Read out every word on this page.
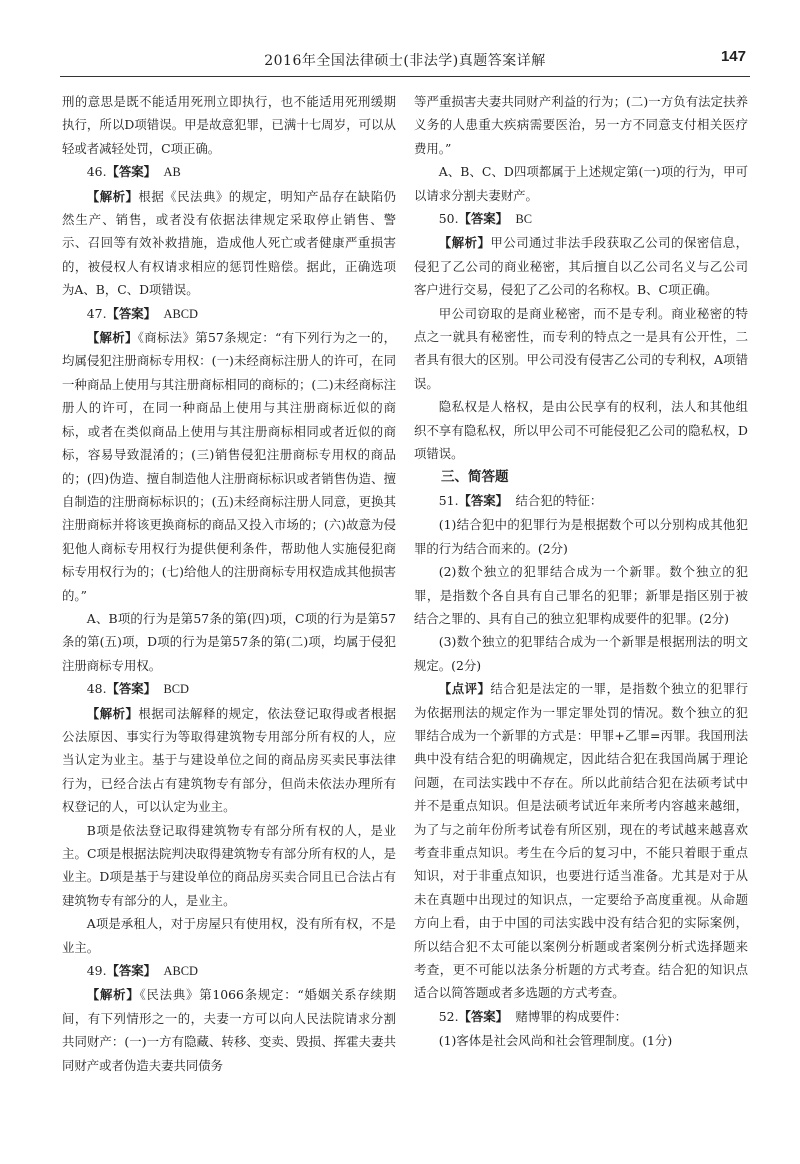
2016年全国法律硕士(非法学)真题答案详解	147

刑的意思是既不能适用死刑立即执行，也不能适用死刑缓期执行，所以D项错误。甲是故意犯罪，已满十七周岁，可以从轻或者减轻处罚，C项正确。

46.【答案】 AB

【解析】根据《民法典》的规定，明知产品存在缺陷仍然生产、销售，或者没有依据法律规定采取停止销售、警示、召回等有效补救措施，造成他人死亡或者健康严重损害的，被侵权人有权请求相应的惩罚性赔偿。据此，正确选项为A、B，C、D项错误。

47.【答案】 ABCD

【解析】《商标法》第57条规定：“有下列行为之一的，均属侵犯注册商标专用权：(一)未经商标注册人的许可，在同一种商品上使用与其注册商标相同的商标的；(二)未经商标注册人的许可，在同一种商品上使用与其注册商标近似的商标，或者在类似商品上使用与其注册商标相同或者近似的商标，容易导致混淆的；(三)销售侵犯注册商标专用权的商品的；(四)伪造、擅自制造他人注册商标标识或者销售伪造、擅自制造的注册商标标识的；(五)未经商标注册人同意，更换其注册商标并将该更换商标的商品又投入市场的；(六)故意为侵犯他人商标专用权行为提供便利条件，帮助他人实施侵犯商标专用权行为的；(七)给他人的注册商标专用权造成其他损害的。”

A、B项的行为是第57条的第(四)项，C项的行为是第57条的第(五)项，D项的行为是第57条的第(二)项，均属于侵犯注册商标专用权。

48.【答案】 BCD

【解析】根据司法解释的规定，依法登记取得或者根据公法原因、事实行为等取得建筑物专用部分所有权的人，应当认定为业主。基于与建设单位之间的商品房买卖民事法律行为，已经合法占有建筑物专有部分，但尚未依法办理所有权登记的人，可以认定为业主。

B项是依法登记取得建筑物专有部分所有权的人，是业主。C项是根据法院判决取得建筑物专有部分所有权的人，是业主。D项是基于与建设单位的商品房买卖合同且已合法占有建筑物专有部分的人，是业主。

A项是承租人，对于房屋只有使用权，没有所有权，不是业主。

49.【答案】 ABCD

【解析】《民法典》第1066条规定：“婚姻关系存续期间，有下列情形之一的，夫妻一方可以向人民法院请求分割共同财产：(一)一方有隐藏、转移、变卖、毁损、挥霍夫妻共同财产或者伪造夫妻共同债务

等严重损害夫妻共同财产利益的行为；(二)一方负有法定扶养义务的人患重大疾病需要医治，另一方不同意支付相关医疗费用。”

A、B、C、D四项都属于上述规定第(一)项的行为，甲可以请求分割夫妻财产。

50.【答案】 BC

【解析】甲公司通过非法手段获取乙公司的保密信息，侵犯了乙公司的商业秘密，其后擅自以乙公司名义与乙公司客户进行交易，侵犯了乙公司的名称权。B、C项正确。

甲公司窃取的是商业秘密，而不是专利。商业秘密的特点之一就具有秘密性，而专利的特点之一是具有公开性，二者具有很大的区别。甲公司没有侵害乙公司的专利权，A项错误。

隐私权是人格权，是由公民享有的权利，法人和其他组织不享有隐私权，所以甲公司不可能侵犯乙公司的隐私权，D项错误。

三、简答题

51.【答案】 结合犯的特征：

(1)结合犯中的犯罪行为是根据数个可以分别构成其他犯罪的行为结合而来的。(2分)

(2)数个独立的犯罪结合成为一个新罪。数个独立的犯罪，是指数个各自具有自己罪名的犯罪；新罪是指区别于被结合之罪的、具有自己的独立犯罪构成要件的犯罪。(2分)

(3)数个独立的犯罪结合成为一个新罪是根据刑法的明文规定。(2分)

【点评】结合犯是法定的一罪，是指数个独立的犯罪行为依据刑法的规定作为一罪定罪处罚的情况。数个独立的犯罪结合成为一个新罪的方式是：甲罪+乙罪=丙罪。我国刑法典中没有结合犯的明确规定，因此结合犯在我国尚属于理论问题，在司法实践中不存在。所以此前结合犯在法硕考试中并不是重点知识。但是法硕考试近年来所考内容越来越细，为了与之前年份所考试卷有所区别，现在的考试越来越喜欢考查非重点知识。考生在今后的复习中，不能只着眼于重点知识，对于非重点知识，也要进行适当准备。尤其是对于从未在真题中出现过的知识点，一定要给予高度重视。从命题方向上看，由于中国的司法实践中没有结合犯的实际案例，所以结合犯不太可能以案例分析题或者案例分析式选择题来考查，更不可能以法条分析题的方式考查。结合犯的知识点适合以简答题或者多选题的方式考查。

52.【答案】 赌博罪的构成要件：

(1)客体是社会风尚和社会管理制度。(1分)
